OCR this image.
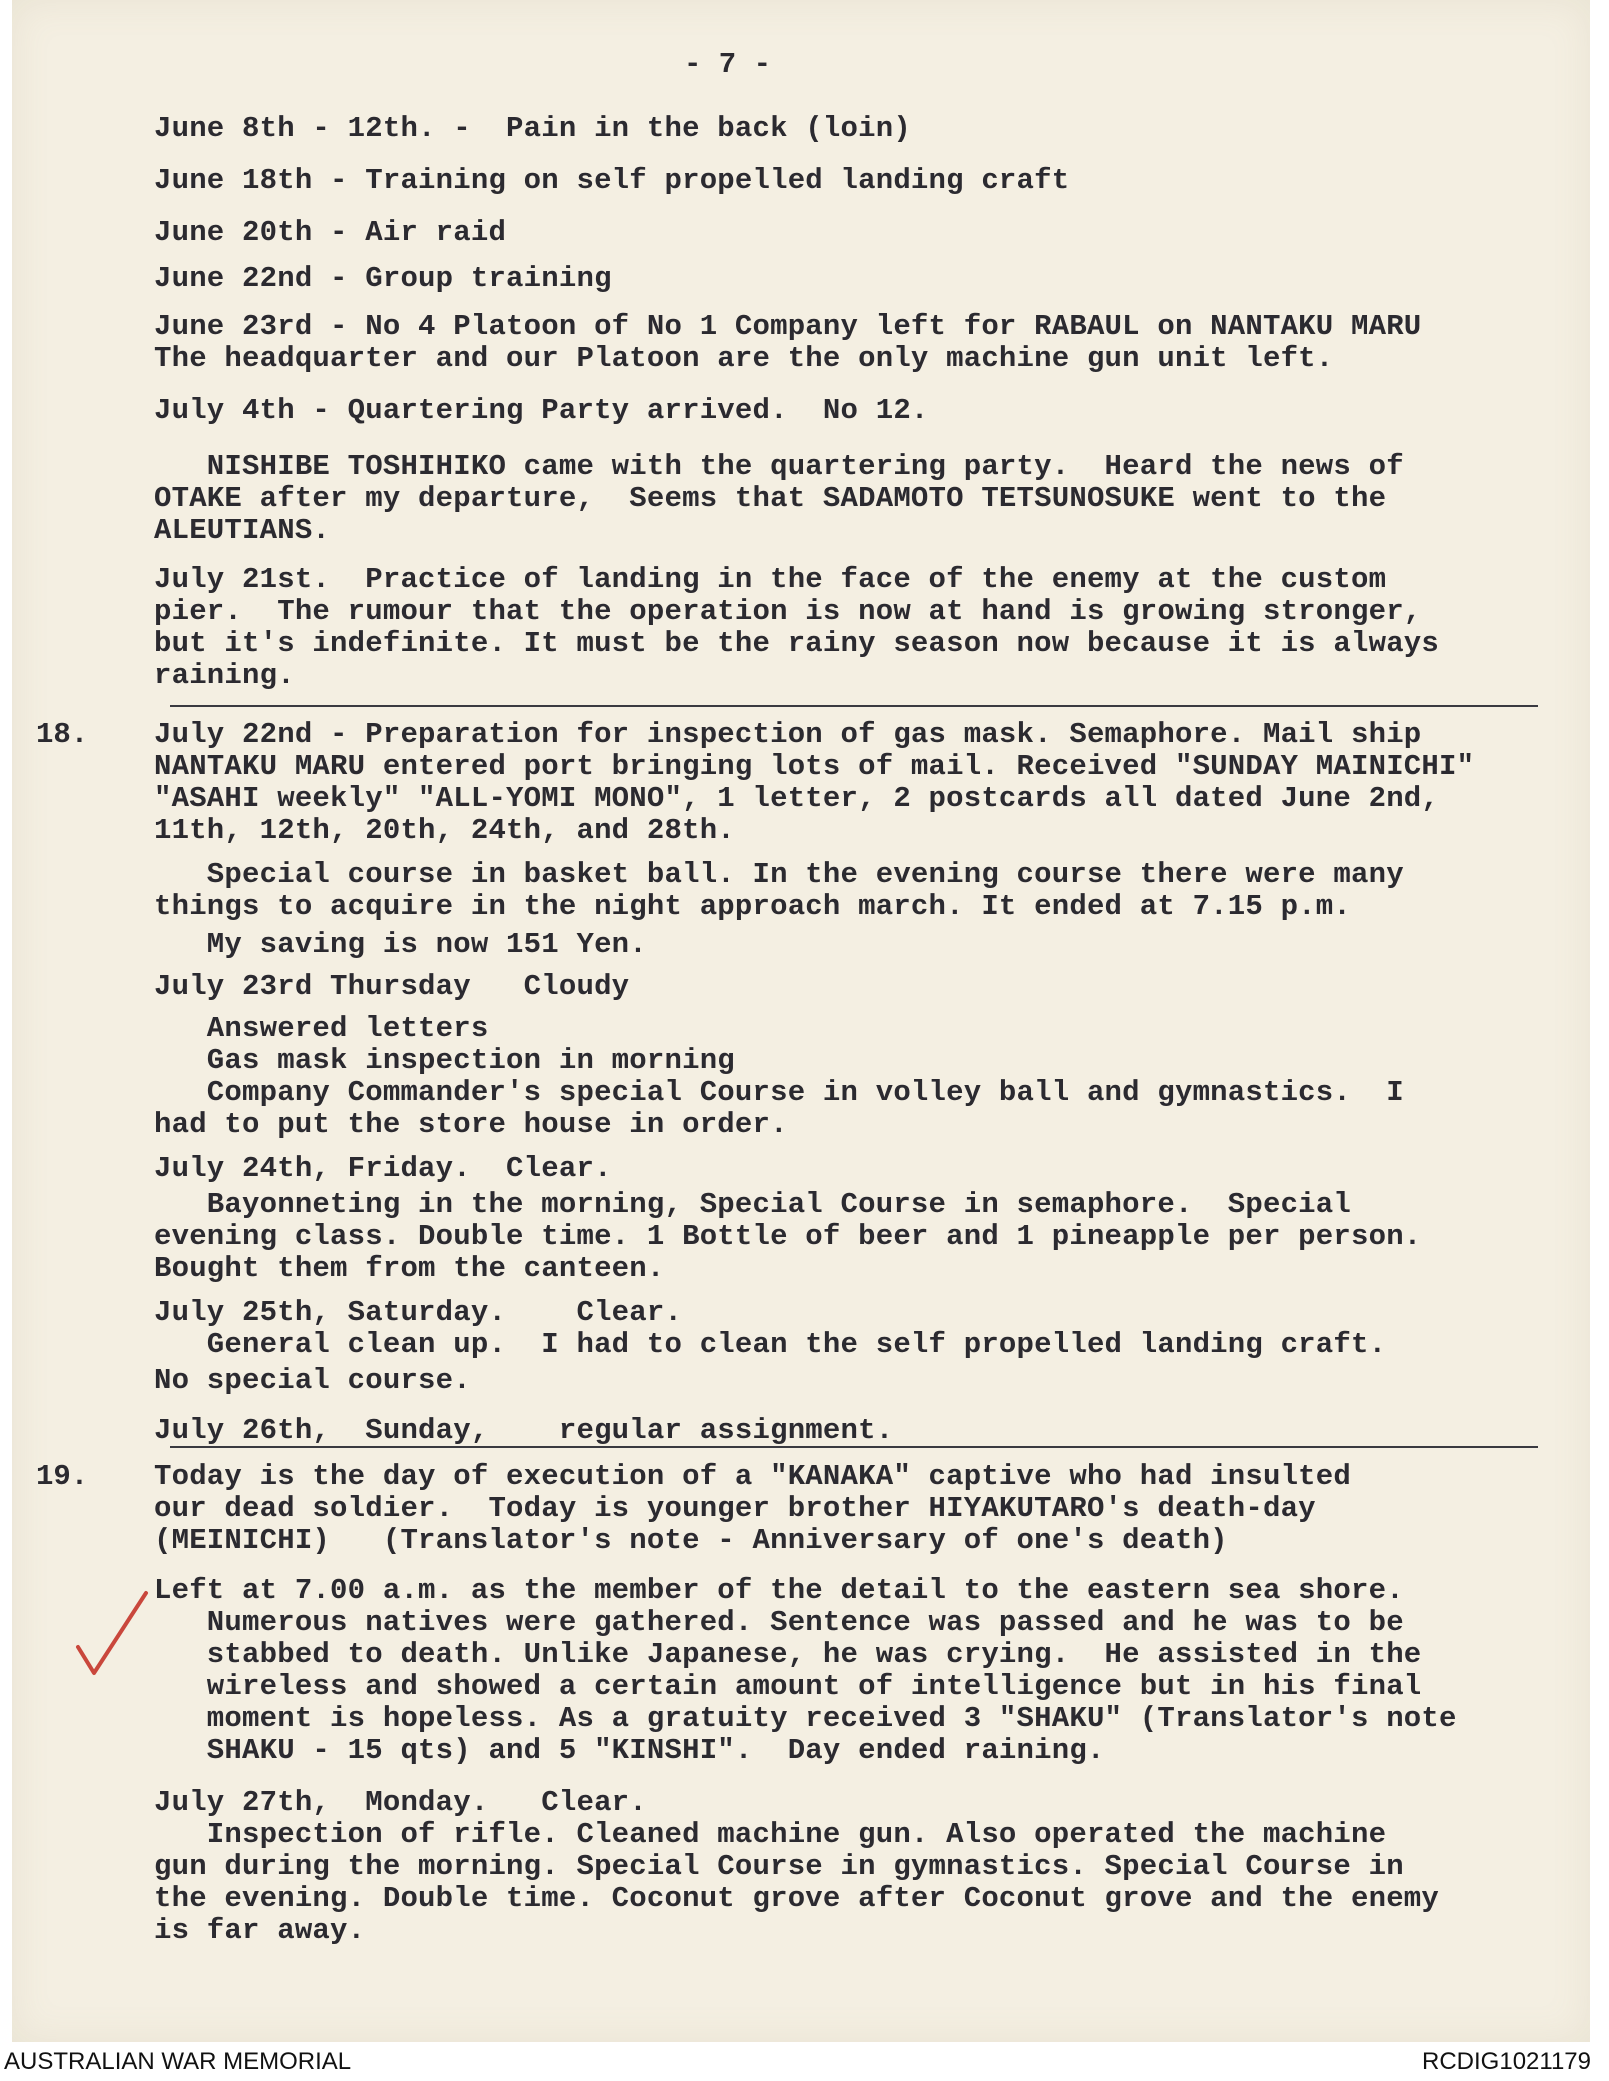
- 7 -
18.
19.
June 8th - 12th. -  Pain in the back (loin)
June 18th - Training on self propelled landing craft
June 20th - Air raid
June 22nd - Group training
June 23rd - No 4 Platoon of No 1 Company left for RABAUL on NANTAKU MARU
The headquarter and our Platoon are the only machine gun unit left.
July 4th - Quartering Party arrived.  No 12.
NISHIBE TOSHIHIKO came with the quartering party.  Heard the news of
OTAKE after my departure,  Seems that SADAMOTO TETSUNOSUKE went to the
ALEUTIANS.
July 21st.  Practice of landing in the face of the enemy at the custom
pier.  The rumour that the operation is now at hand is growing stronger,
but it's indefinite. It must be the rainy season now because it is always
raining.
July 22nd - Preparation for inspection of gas mask. Semaphore. Mail ship
NANTAKU MARU entered port bringing lots of mail. Received "SUNDAY MAINICHI"
"ASAHI weekly" "ALL-YOMI MONO", 1 letter, 2 postcards all dated June 2nd,
11th, 12th, 20th, 24th, and 28th.
Special course in basket ball. In the evening course there were many
things to acquire in the night approach march. It ended at 7.15 p.m.
My saving is now 151 Yen.
July 23rd Thursday   Cloudy
Answered letters
Gas mask inspection in morning
Company Commander's special Course in volley ball and gymnastics.  I
had to put the store house in order.
July 24th, Friday.  Clear.
Bayonneting in the morning, Special Course in semaphore.  Special
evening class. Double time. 1 Bottle of beer and 1 pineapple per person.
Bought them from the canteen.
July 25th, Saturday.    Clear.
General clean up.  I had to clean the self propelled landing craft.
No special course.
July 26th,  Sunday,    regular assignment.
Today is the day of execution of a "KANAKA" captive who had insulted
our dead soldier.  Today is younger brother HIYAKUTARO's death-day
(MEINICHI)   (Translator's note - Anniversary of one's death)
Left at 7.00 a.m. as the member of the detail to the eastern sea shore.
Numerous natives were gathered. Sentence was passed and he was to be
stabbed to death. Unlike Japanese, he was crying.  He assisted in the
wireless and showed a certain amount of intelligence but in his final
moment is hopeless. As a gratuity received 3 "SHAKU" (Translator's note
SHAKU - 15 qts) and 5 "KINSHI".  Day ended raining.
July 27th,  Monday.   Clear.
Inspection of rifle. Cleaned machine gun. Also operated the machine
gun during the morning. Special Course in gymnastics. Special Course in
the evening. Double time. Coconut grove after Coconut grove and the enemy
is far away.
AUSTRALIAN WAR MEMORIAL	RCDIG1021179
